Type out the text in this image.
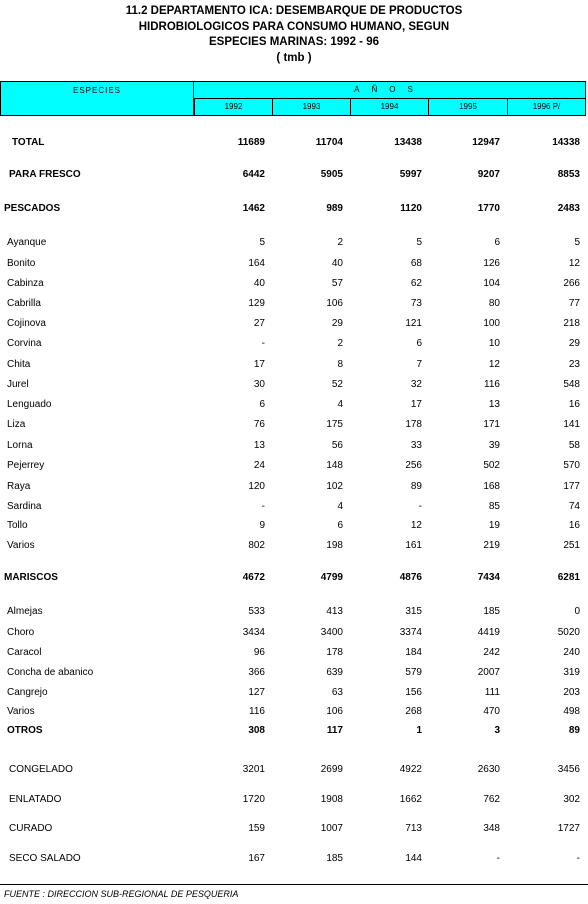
11.2 DEPARTAMENTO ICA: DESEMBARQUE DE PRODUCTOS
HIDROBIOLOGICOS PARA CONSUMO HUMANO, SEGUN
ESPECIES MARINAS: 1992 - 96
( tmb )
ESPECIES	AÑOS
1992	1993	1994	1995	1996 P/
TOTAL	11689	11704	13438	12947	14338
PARA FRESCO	6442	5905	5997	9207	8853
PESCADOS	1462	989	1120	1770	2483
Ayanque	5	2	5	6	5
Bonito	164	40	68	126	12
Cabinza	40	57	62	104	266
Cabrilla	129	106	73	80	77
Cojinova	27	29	121	100	218
Corvina	-	2	6	10	29
Chita	17	8	7	12	23
Jurel	30	52	32	116	548
Lenguado	6	4	17	13	16
Liza	76	175	178	171	141
Lorna	13	56	33	39	58
Pejerrey	24	148	256	502	570
Raya	120	102	89	168	177
Sardina	-	4	-	85	74
Tollo	9	6	12	19	16
Varios	802	198	161	219	251
MARISCOS	4672	4799	4876	7434	6281
Almejas	533	413	315	185	0
Choro	3434	3400	3374	4419	5020
Caracol	96	178	184	242	240
Concha de abanico	366	639	579	2007	319
Cangrejo	127	63	156	111	203
Varios	116	106	268	470	498
OTROS	308	117	1	3	89
CONGELADO	3201	2699	4922	2630	3456
ENLATADO	1720	1908	1662	762	302
CURADO	159	1007	713	348	1727
SECO SALADO	167	185	144	-	-
FUENTE : DIRECCION SUB-REGIONAL DE PESQUERIA
